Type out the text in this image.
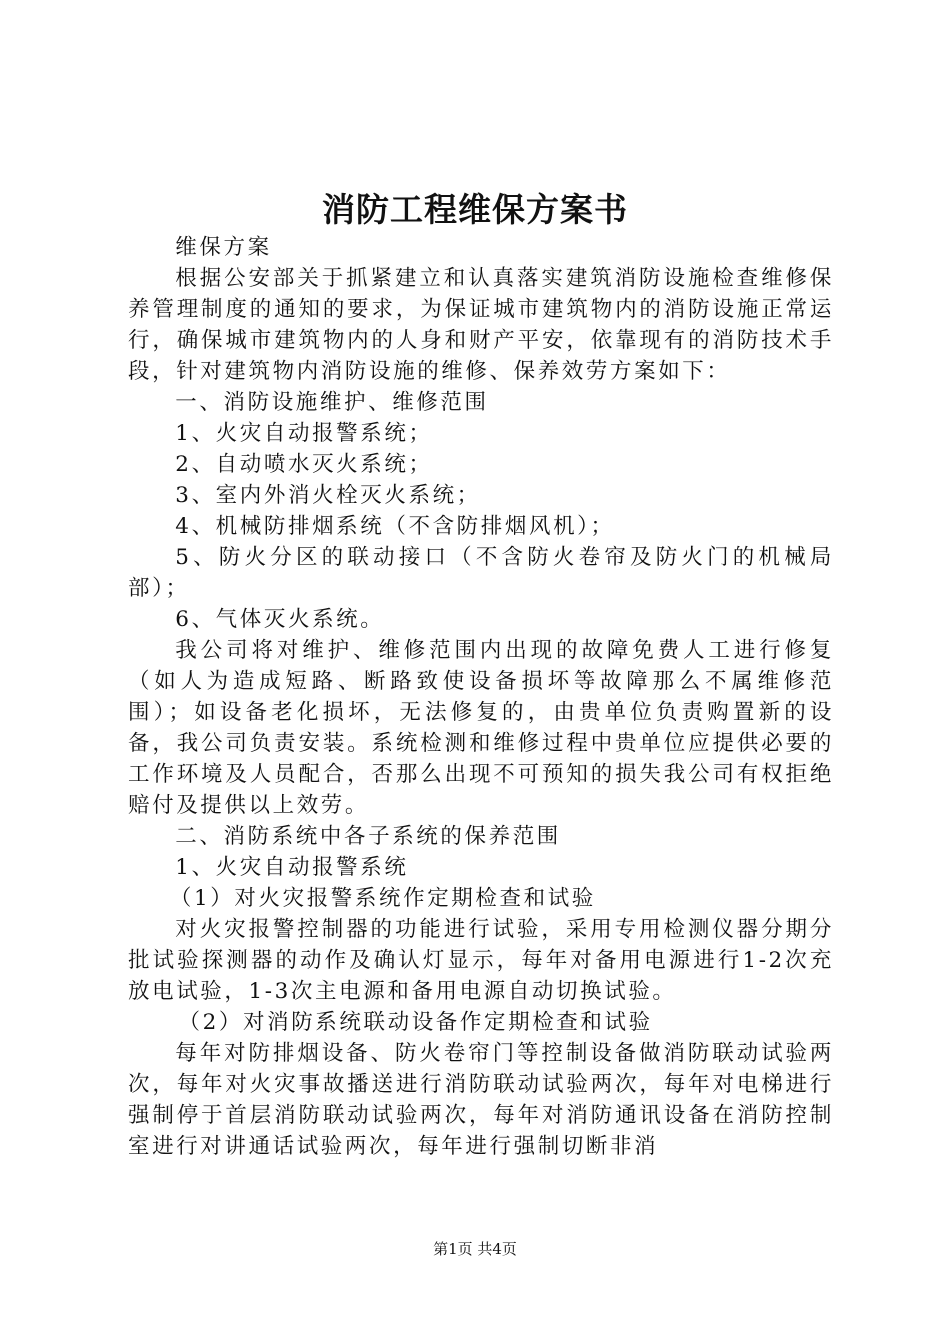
消防工程维保方案书

维保方案

根据公安部关于抓紧建立和认真落实建筑消防设施检查维修保养管理制度的通知的要求，为保证城市建筑物内的消防设施正常运行，确保城市建筑物内的人身和财产平安，依靠现有的消防技术手段，针对建筑物内消防设施的维修、保养效劳方案如下：

一、消防设施维护、维修范围

1、火灾自动报警系统；

2、自动喷水灭火系统；

3、室内外消火栓灭火系统；

4、机械防排烟系统（不含防排烟风机）；

5、防火分区的联动接口（不含防火卷帘及防火门的机械局部）；

6、气体灭火系统。

我公司将对维护、维修范围内出现的故障免费人工进行修复（如人为造成短路、断路致使设备损坏等故障那么不属维修范围）；如设备老化损坏，无法修复的，由贵单位负责购置新的设备，我公司负责安装。系统检测和维修过程中贵单位应提供必要的工作环境及人员配合，否那么出现不可预知的损失我公司有权拒绝赔付及提供以上效劳。

二、消防系统中各子系统的保养范围

1、火灾自动报警系统

（1）对火灾报警系统作定期检查和试验

对火灾报警控制器的功能进行试验，采用专用检测仪器分期分批试验探测器的动作及确认灯显示，每年对备用电源进行1-2次充放电试验，1-3次主电源和备用电源自动切换试验。

（2）对消防系统联动设备作定期检查和试验

每年对防排烟设备、防火卷帘门等控制设备做消防联动试验两次，每年对火灾事故播送进行消防联动试验两次，每年对电梯进行强制停于首层消防联动试验两次，每年对消防通讯设备在消防控制室进行对讲通话试验两次，每年进行强制切断非消

第1页 共4页
